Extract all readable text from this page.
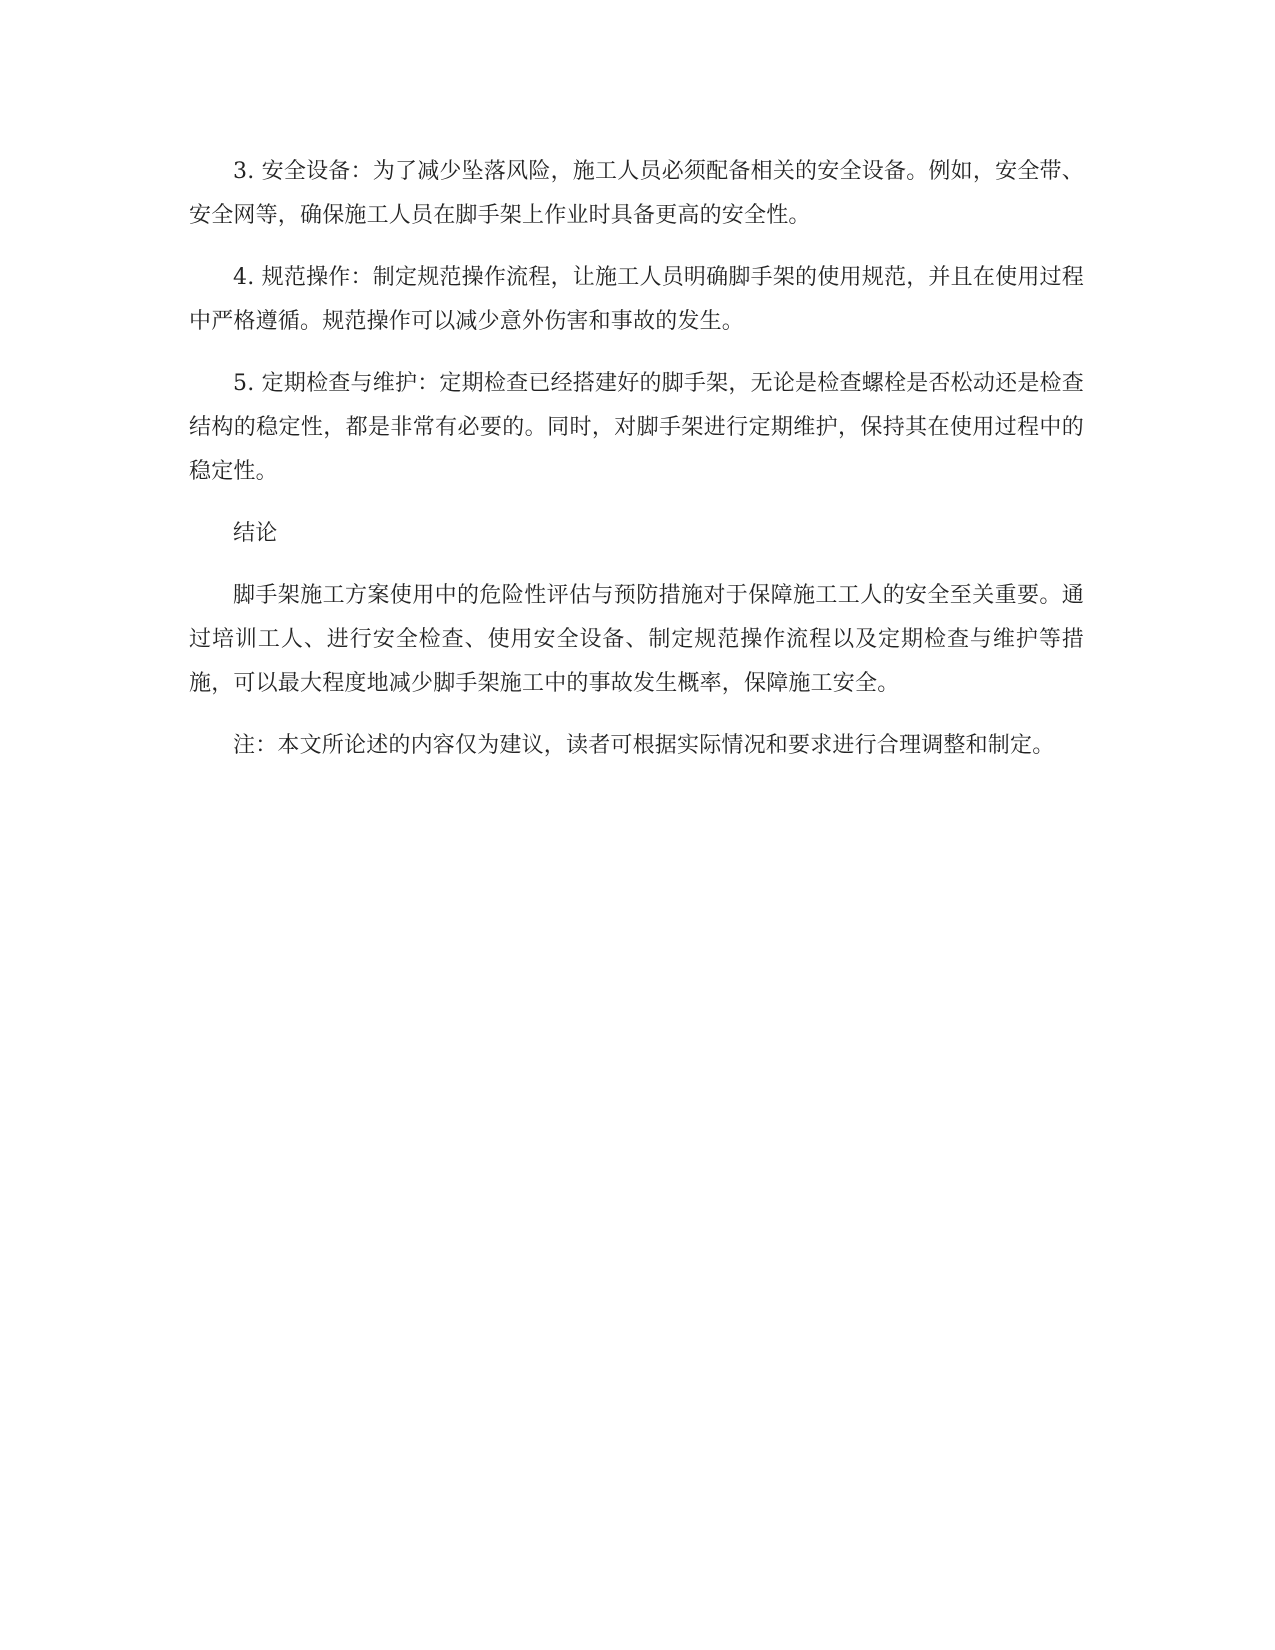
3. 安全设备：为了减少坠落风险，施工人员必须配备相关的安全设备。例如，安全带、安全网等，确保施工人员在脚手架上作业时具备更高的安全性。

4. 规范操作：制定规范操作流程，让施工人员明确脚手架的使用规范，并且在使用过程中严格遵循。规范操作可以减少意外伤害和事故的发生。

5. 定期检查与维护：定期检查已经搭建好的脚手架，无论是检查螺栓是否松动还是检查结构的稳定性，都是非常有必要的。同时，对脚手架进行定期维护，保持其在使用过程中的稳定性。

结论

脚手架施工方案使用中的危险性评估与预防措施对于保障施工工人的安全至关重要。通过培训工人、进行安全检查、使用安全设备、制定规范操作流程以及定期检查与维护等措施，可以最大程度地减少脚手架施工中的事故发生概率，保障施工安全。

注：本文所论述的内容仅为建议，读者可根据实际情况和要求进行合理调整和制定。
